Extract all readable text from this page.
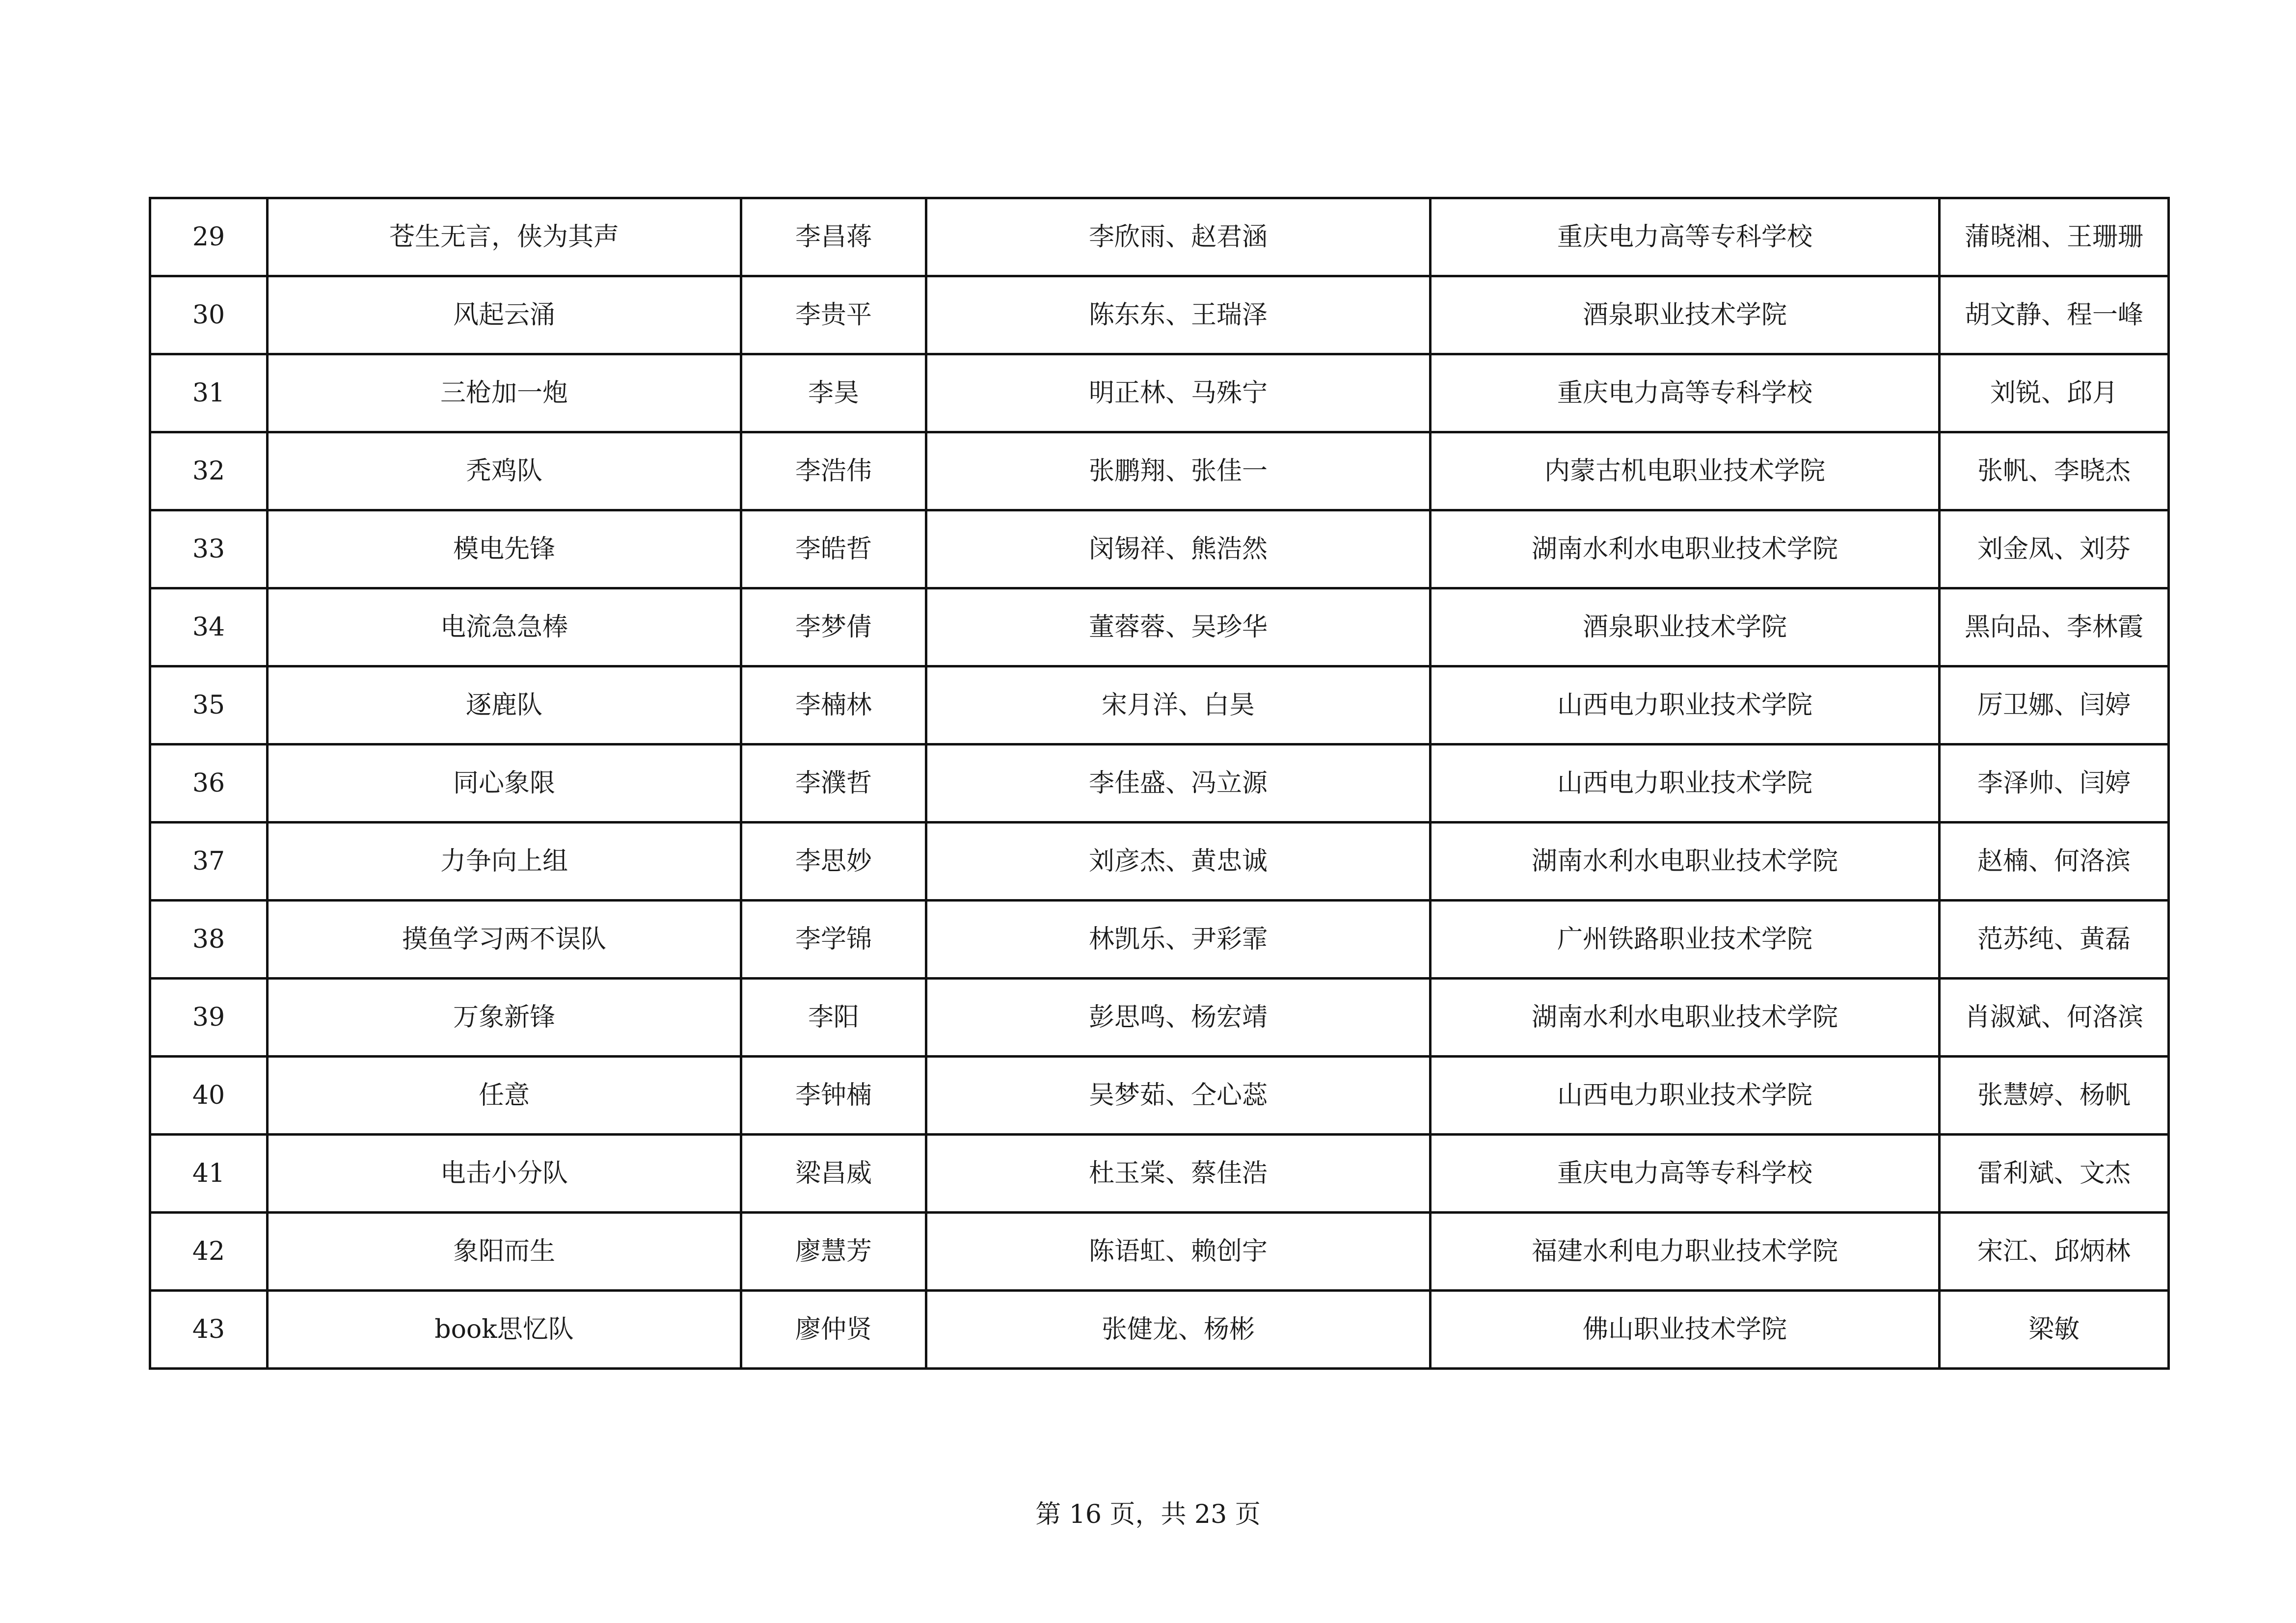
29	苍生无言，侠为其声	李昌蒋	李欣雨、赵君涵	重庆电力高等专科学校	蒲晓湘、王珊珊
30	风起云涌	李贵平	陈东东、王瑞泽	酒泉职业技术学院	胡文静、程一峰
31	三枪加一炮	李昊	明正林、马殊宁	重庆电力高等专科学校	刘锐、邱月
32	秃鸡队	李浩伟	张鹏翔、张佳一	内蒙古机电职业技术学院	张帆、李晓杰
33	模电先锋	李皓哲	闵锡祥、熊浩然	湖南水利水电职业技术学院	刘金凤、刘芬
34	电流急急棒	李梦倩	董蓉蓉、吴珍华	酒泉职业技术学院	黑向品、李林霞
35	逐鹿队	李楠林	宋月洋、白昊	山西电力职业技术学院	厉卫娜、闫婷
36	同心象限	李濮哲	李佳盛、冯立源	山西电力职业技术学院	李泽帅、闫婷
37	力争向上组	李思妙	刘彦杰、黄忠诚	湖南水利水电职业技术学院	赵楠、何洛滨
38	摸鱼学习两不误队	李学锦	林凯乐、尹彩霏	广州铁路职业技术学院	范苏纯、黄磊
39	万象新锋	李阳	彭思鸣、杨宏靖	湖南水利水电职业技术学院	肖淑斌、何洛滨
40	任意	李钟楠	吴梦茹、仝心蕊	山西电力职业技术学院	张慧婷、杨帆
41	电击小分队	梁昌威	杜玉棠、蔡佳浩	重庆电力高等专科学校	雷利斌、文杰
42	象阳而生	廖慧芳	陈语虹、赖创宇	福建水利电力职业技术学院	宋江、邱炳林
43	book思忆队	廖仲贤	张健龙、杨彬	佛山职业技术学院	梁敏
第 16 页，共 23 页
